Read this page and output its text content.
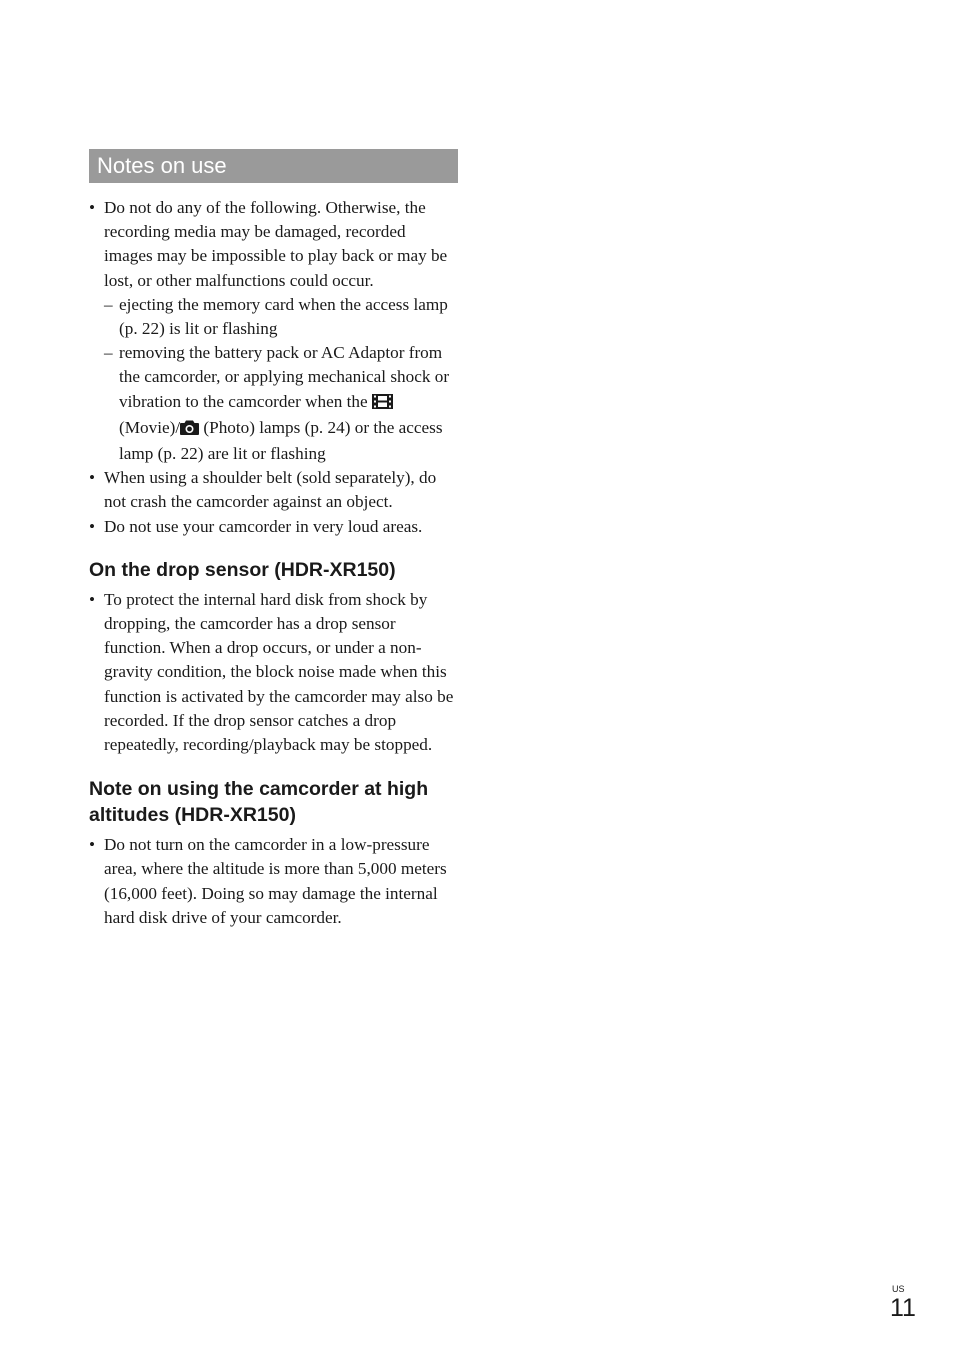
Notes on use
• Do not do any of the following. Otherwise, the recording media may be damaged, recorded images may be impossible to play back or may be lost, or other malfunctions could occur.
– ejecting the memory card when the access lamp (p. 22) is lit or flashing
– removing the battery pack or AC Adaptor from the camcorder, or applying mechanical shock or vibration to the camcorder when the  (Movie)/ (Photo) lamps (p. 24) or the access lamp (p. 22) are lit or flashing
• When using a shoulder belt (sold separately), do not crash the camcorder against an object.
• Do not use your camcorder in very loud areas.
On the drop sensor (HDR-XR150)
• To protect the internal hard disk from shock by dropping, the camcorder has a drop sensor function. When a drop occurs, or under a non-gravity condition, the block noise made when this function is activated by the camcorder may also be recorded. If the drop sensor catches a drop repeatedly, recording/playback may be stopped.
Note on using the camcorder at high altitudes (HDR-XR150)
• Do not turn on the camcorder in a low-pressure area, where the altitude is more than 5,000 meters (16,000 feet). Doing so may damage the internal hard disk drive of your camcorder.
US
11
